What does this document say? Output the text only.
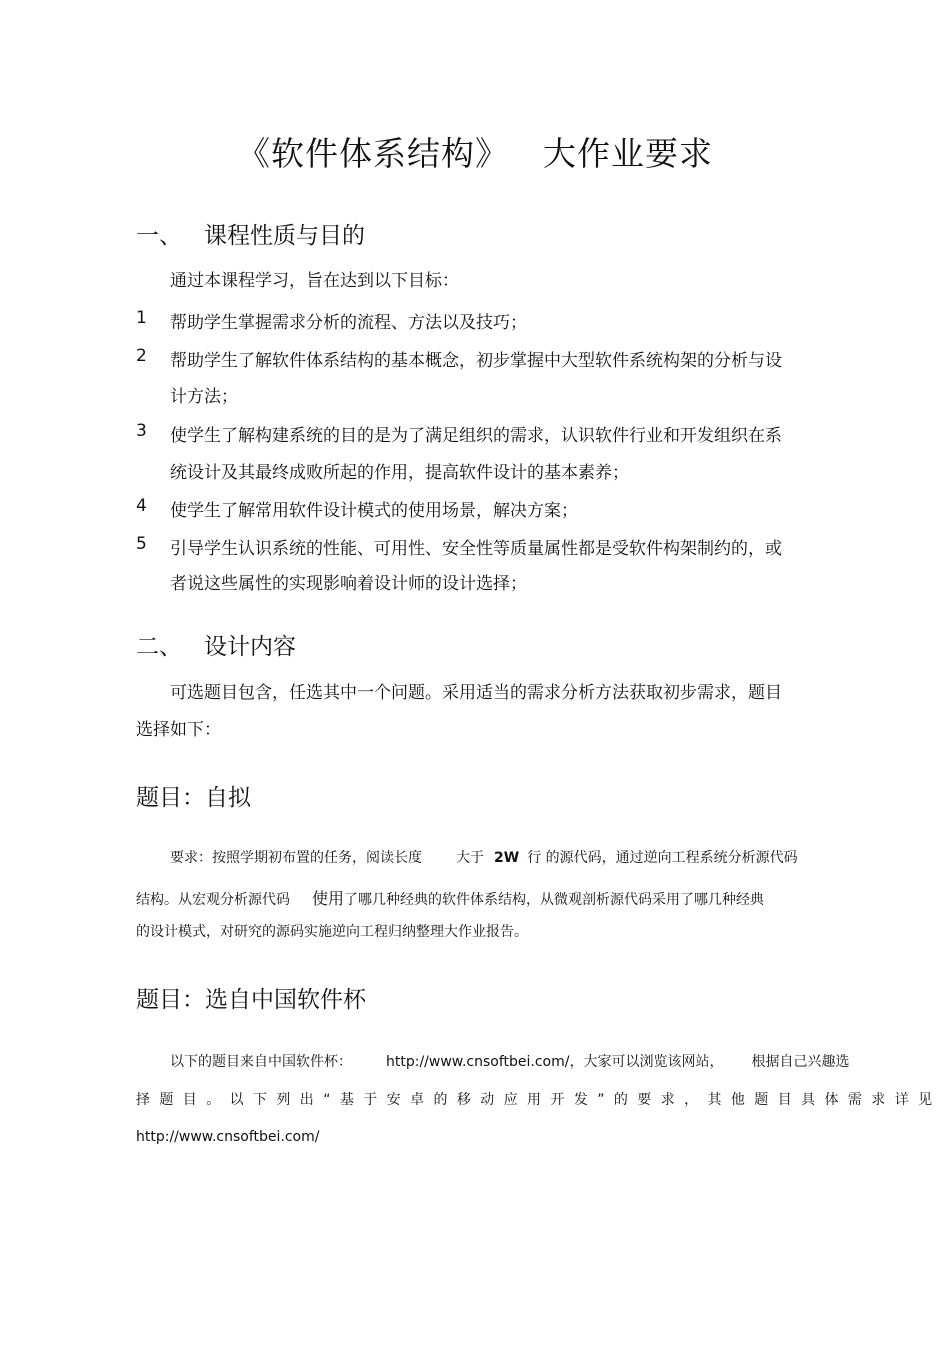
《软件体系结构》 大作业要求
一、 课程性质与目的
通过本课程学习，旨在达到以下目标：
1 帮助学生掌握需求分析的流程、方法以及技巧；
2 帮助学生了解软件体系结构的基本概念，初步掌握中大型软件系统构架的分析与设
计方法；
3 使学生了解构建系统的目的是为了满足组织的需求，认识软件行业和开发组织在系
统设计及其最终成败所起的作用，提高软件设计的基本素养；
4 使学生了解常用软件设计模式的使用场景，解决方案；
5 引导学生认识系统的性能、可用性、安全性等质量属性都是受软件构架制约的，或
者说这些属性的实现影响着设计师的设计选择；
二、 设计内容
可选题目包含，任选其中一个问题。采用适当的需求分析方法获取初步需求，题目
选择如下：
题目：自拟
要求：按照学期初布置的任务，阅读长度 大于 2W 行 的源代码，通过逆向工程系统分析源代码
结构。从宏观分析源代码 使用了哪几种经典的软件体系结构，从微观剖析源代码采用了哪几种经典
的设计模式，对研究的源码实施逆向工程归纳整理大作业报告。
题目：选自中国软件杯
以下的题目来自中国软件杯： http://www.cnsoftbei.com/，大家可以浏览该网站， 根据自己兴趣选
择题目。以下列出“基于安卓的移动应用开发”的要求，其他题目具体需求详见
http://www.cnsoftbei.com/
